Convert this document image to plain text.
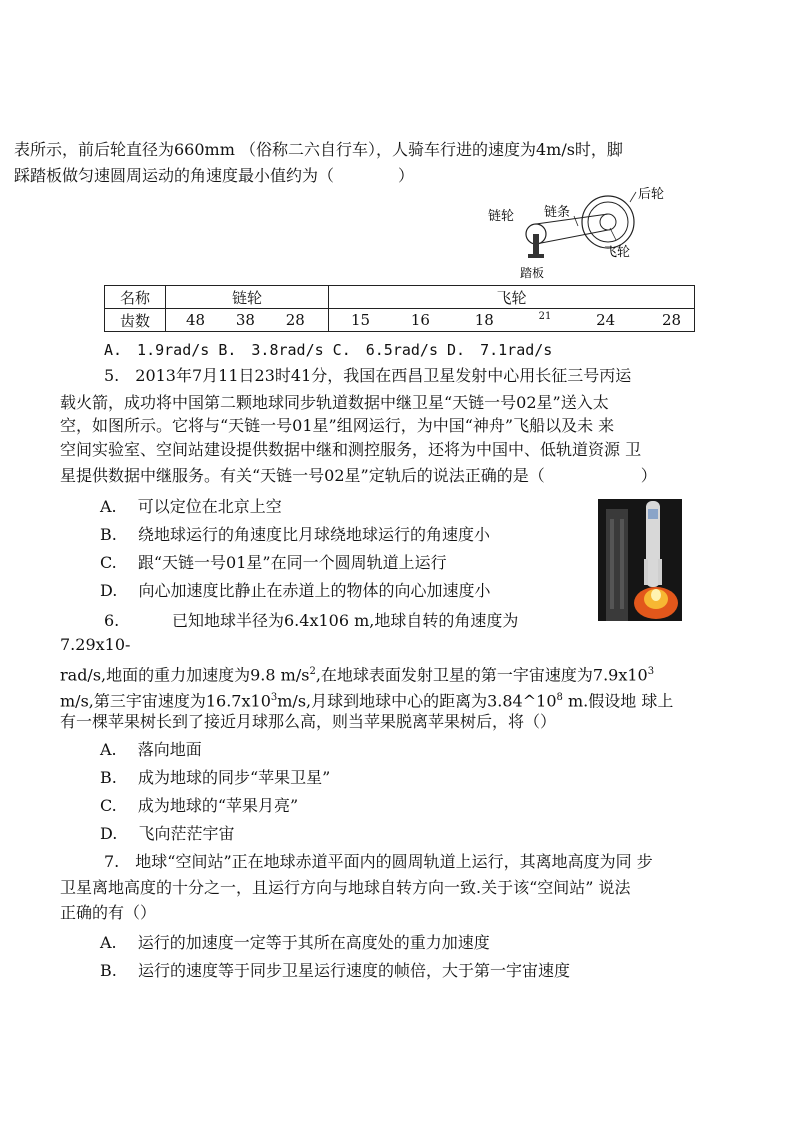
表所示，前后轮直径为660mm （俗称二六自行车），人骑车行进的速度为4m/s时，脚
踩踏板做匀速圆周运动的角速度最小值约为（　　　　）
链轮 链条
后轮
飞轮
踏板
名称	链轮	飞轮
齿数	48 38 28	15 16 18 21 24 28
A.　1.9rad/s B.　3.8rad/s C.　6.5rad/s D.　7.1rad/s
5.　2013年7月11日23时41分，我国在西昌卫星发射中心用长征三号丙运
载火箭，成功将中国第二颗地球同步轨道数据中继卫星“天链一号02星”送入太
空，如图所示。它将与“天链一号01星”组网运行，为中国“神舟”飞船以及未 来
空间实验室、空间站建设提供数据中继和测控服务，还将为中国中、低轨道资源 卫
星提供数据中继服务。有关“天链一号02星”定轨后的说法正确的是（　　　　　　）
A.　 可以定位在北京上空
B.　 绕地球运行的角速度比月球绕地球运行的角速度小
C.　 跟“天链一号01星”在同一个圆周轨道上运行
D.　 向心加速度比静止在赤道上的物体的向心加速度小
6.	已知地球半径为6.4x106 m,地球自转的角速度为
7.29x10-
rad/s,地面的重力加速度为9.8 $m/s^2$,在地球表面发射卫星的第一宇宙速度为$7.9x10^3$
m/s,第三宇宙速度为$16.7x10^3m/s$,月球到地球中心的距离为$3.84\^{}10^8$ m.假设地 球上
有一棵苹果树长到了接近月球那么高，则当苹果脱离苹果树后，将（）
A.　 落向地面
B.　 成为地球的同步“苹果卫星”
C.　 成为地球的“苹果月亮”
D.　 飞向茫茫宇宙
7.　地球“空间站”正在地球赤道平面内的圆周轨道上运行，其离地高度为同 步
卫星离地高度的十分之一，且运行方向与地球自转方向一致.关于该“空间站” 说法
正确的有（）
A.　 运行的加速度一定等于其所在高度处的重力加速度
B.　 运行的速度等于同步卫星运行速度的帧倍，大于第一宇宙速度
